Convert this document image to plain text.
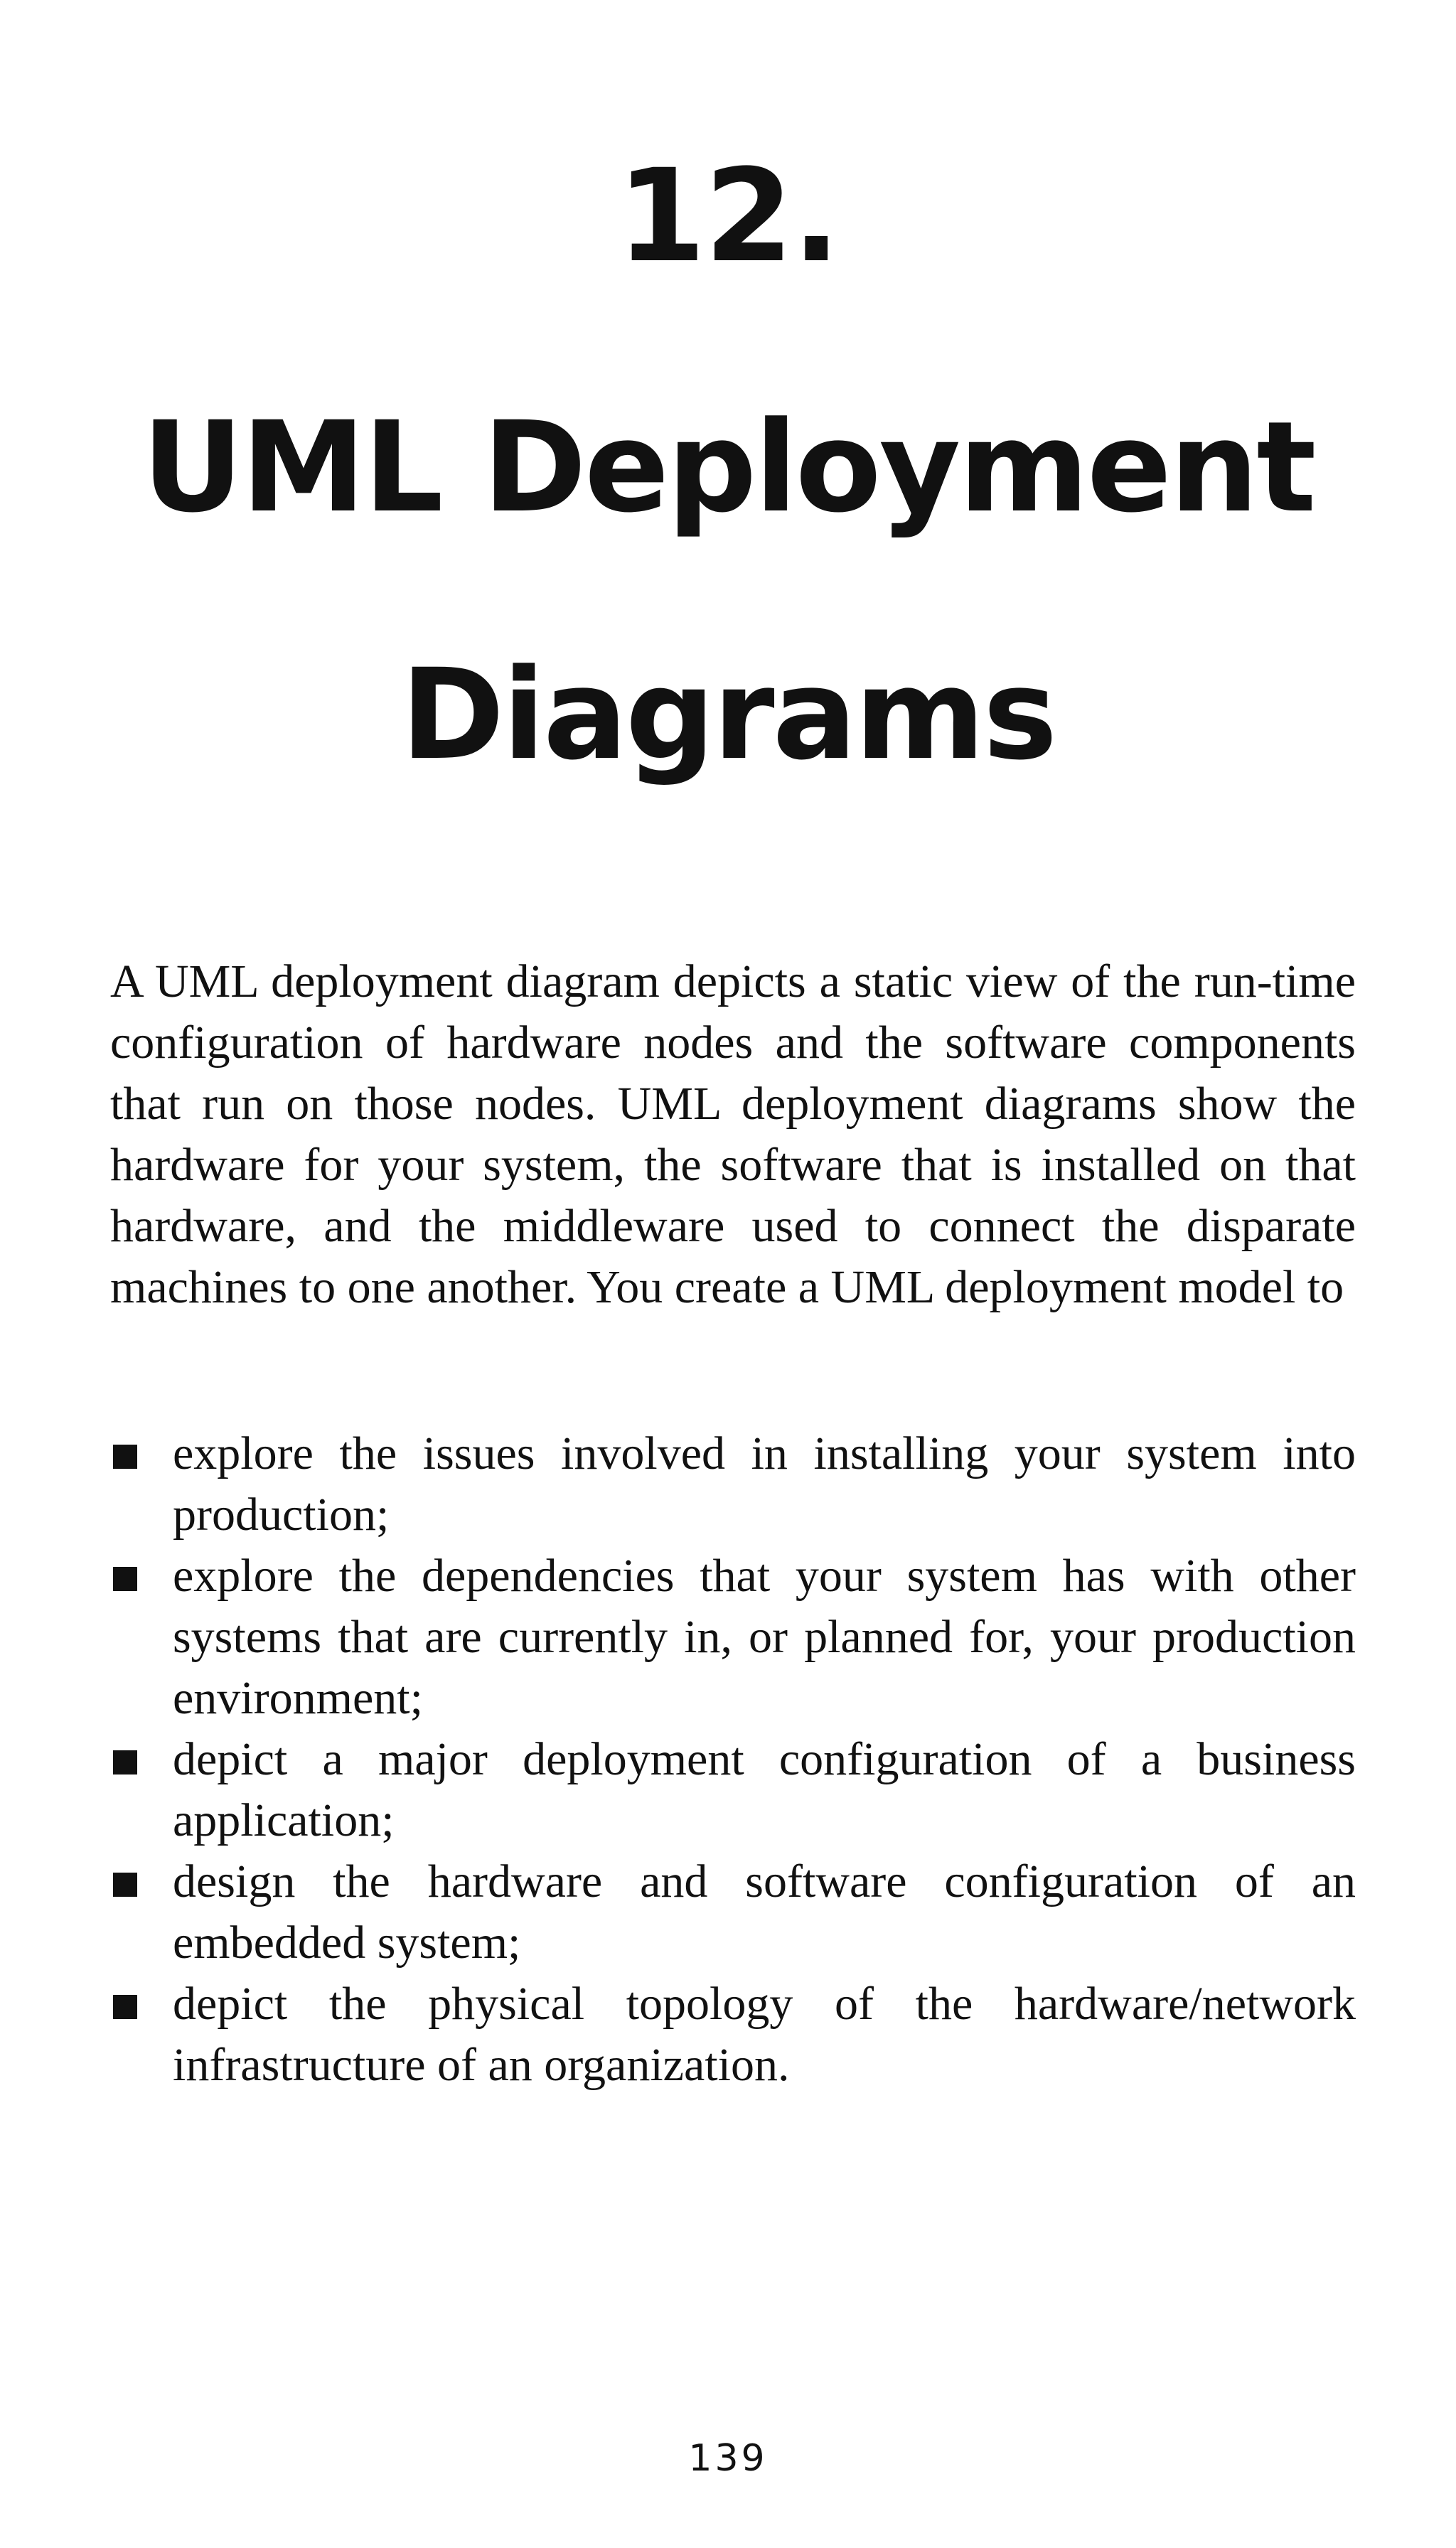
12.
UML Deployment
Diagrams

A UML deployment diagram depicts a static view of the run-time configuration of hardware nodes and the software components that run on those nodes. UML deployment diagrams show the hardware for your system, the software that is installed on that hardware, and the middleware used to connect the disparate machines to one another. You create a UML deployment model to

explore the issues involved in installing your system into production;
explore the dependencies that your system has with other systems that are currently in, or planned for, your production environment;
depict a major deployment configuration of a business application;
design the hardware and software configuration of an embedded system;
depict the physical topology of the hardware/network infrastructure of an organization.
139
